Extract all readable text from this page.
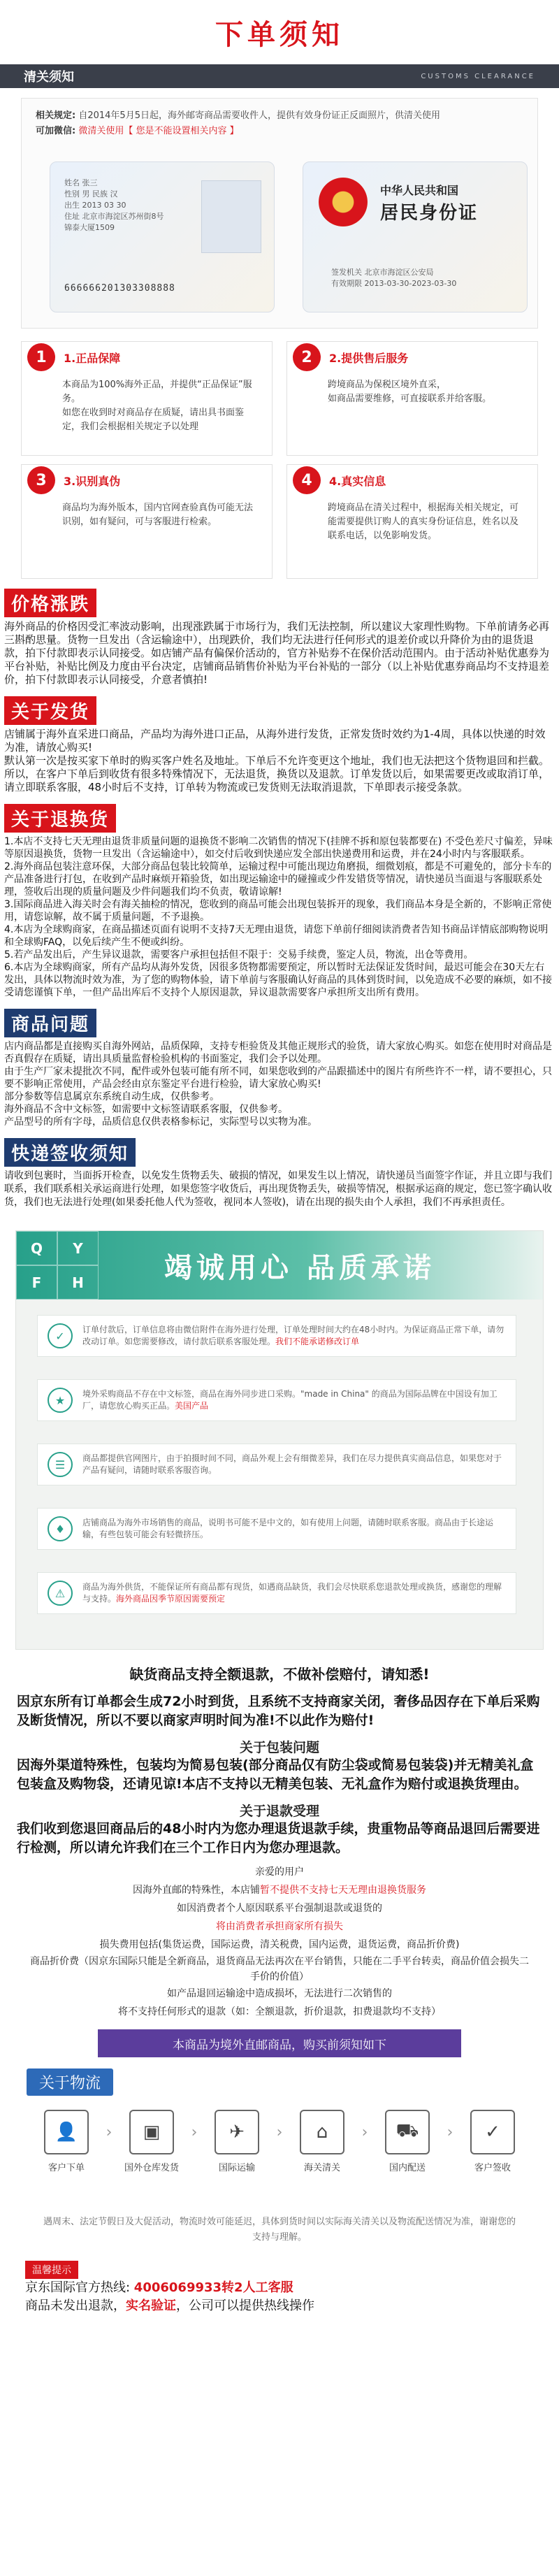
下单须知
清关须知	CUSTOMS CLEARANCE
相关规定: 自2014年5月5日起，海外邮寄商品需要收件人，提供有效身份证正反面照片，供清关使用
可加微信: 微清关使用【 您是不能设置相关内容 】
姓名 张三
性别 男 民族 汉
出生 2013 03 30
住址 北京市海淀区苏州街8号
锦泰大厦1509
666666201303308888
中华人民共和国
居民身份证
签发机关 北京市海淀区公安局
有效期限 2013-03-30-2023-03-30
1	1.正品保障
本商品为100%海外正品，并提供“正品保证”服务。
如您在收到时对商品存在质疑，请出具书面鉴定，我们会根据相关规定予以处理
2	2.提供售后服务
跨境商品为保税区境外直采，
如商品需要维修，可直接联系并给客服。
3	3.识别真伪
商品均为海外版本，国内官网查验真伪可能无法识别，如有疑问，可与客服进行检索。
4	4.真实信息
跨境商品在清关过程中，根据海关相关规定，可能需要提供订购人的真实身份证信息，姓名以及联系电话，以免影响发货。
价格涨跌
海外商品的价格因受汇率波动影响，出现涨跌属于市场行为，我们无法控制，所以建议大家理性购物。下单前请务必再三斟酌思量。货物一旦发出（含运输途中），出现跌价，我们均无法进行任何形式的退差价或以升降价为由的退货退款，拍下付款即表示认同接受。如店铺产品有偏保价活动的，官方补贴券不在保价活动范围内。由于活动补贴优惠券为平台补贴，补贴比例及力度由平台决定，店铺商品销售价补贴为平台补贴的一部分（以上补贴优惠券商品均不支持退差价，拍下付款即表示认同接受，介意者慎拍!
关于发货
店铺属于海外直采进口商品，产品均为海外进口正品，从海外进行发货，正常发货时效约为1-4周，具体以快递的时效为准，请放心购买!
默认第一次是按买家下单时的购买客户姓名及地址。下单后不允许变更这个地址，我们也无法把这个货物退回和拦截。所以，在客户下单后到收货有很多特殊情况下，无法退货，换货以及退款。订单发货以后，如果需要更改或取消订单，请立即联系客服，48小时后不支持，订单转为物流或已发货则无法取消退款，下单即表示接受条款。
关于退换货
1.本店不支持七天无理由退货非质量问题的退换货不影响二次销售的情况下(挂牌不拆和原包装都要在) 不受色差尺寸偏差，异味等原因退换货，货物一旦发出（含运输途中），如交付后收到快递应发全部出快递费用和运费，并在24小时内与客服联系。
2.海外商品包装注意环保，大部分商品包装比较简单，运输过程中可能出现边角磨损，细微划痕，都是不可避免的，部分卡车的产品准备进行打包，在收到产品时麻烦开箱验货，如出现运输途中的碰撞或少件发错货等情况，请快递员当面退与客服联系处理，签收后出现的质量问题及少件问题我们均不负责，敬请谅解!
3.国际商品进入海关时会有海关抽检的情况，您收到的商品可能会出现包装拆开的现象，我们商品本身是全新的，不影响正常使用，请您谅解，故不属于质量问题，不予退换。
4.本店为全球购商家，在商品描述页面有说明不支持7天无理由退货，请您下单前仔细阅读消费者告知书商品详情底部购物说明和全球购FAQ，以免后续产生不便或纠纷。
5.若产品发出后，产生异议退款，需要客户承担包括但不限于：交易手续费，鉴定人员，物流，出仓等费用。
6.本店为全球购商家，所有产品均从海外发货，因很多货物都需要预定，所以暂时无法保证发货时间，最迟可能会在30天左右发出，具体以物流时效为准，为了您的购物体验，请下单前与客服确认好商品的具体到货时间，以免造成不必要的麻烦，如不接受请您谨慎下单，一但产品出库后不支持个人原因退款，异议退款需要客户承担所支出所有费用。
商品问题
店内商品都是直接购买自海外网站，品质保障，支持专柜验货及其他正规形式的验货，请大家放心购买。如您在使用时对商品是否真假存在质疑，请出具质量监督检验机构的书面鉴定，我们会予以处理。
由于生产厂家未提批次不同，配件或外包装可能有所不同，如果您收到的产品跟描述中的图片有所些许不一样，请不要担心，只要不影响正常使用，产品会经由京东鉴定平台进行检验，请大家放心购买!
部分参数等信息属京东系统自动生成，仅供参考。
海外商品不含中文标签，如需要中文标签请联系客服，仅供参考。
产品型号的所有字母，品质信息仅供表格参标记，实际型号以实物为准。
SALEMONTH
快递签收须知
请收到包裹时，当面拆开检查，以免发生货物丢失、破损的情况，如果发生以上情况，请快递员当面签字作证，并且立即与我们联系，我们联系相关承运商进行处理，如果您签字收货后，再出现货物丢失，破损等情况，根据承运商的规定，您已签字确认收货，我们也无法进行处理(如果委托他人代为签收，视同本人签收)，请在出现的损失由个人承担，我们不再承担责任。
Q	Y
F	H	竭诚用心 品质承诺
✓	订单付款后，订单信息将由微信附件在海外进行处理，订单处理时间大约在48小时内。为保证商品正常下单，请勿改动订单。如您需要修改，请付款后联系客服处理。我们不能承诺修改订单
★	境外采购商品不存在中文标签，商品在海外同步进口采购。"made in China" 的商品为国际品牌在中国设有加工厂，请您放心购买正品。美国产品
☰	商品都提供官网图片，由于拍摄时间不同，商品外观上会有细微差异，我们在尽力提供真实商品信息，如果您对于产品有疑问，请随时联系客服咨询。
♦	店铺商品为海外市场销售的商品，说明书可能不是中文的，如有使用上问题，请随时联系客服。商品由于长途运输，有些包装可能会有轻微挤压。
⚠	商品为海外供货，不能保证所有商品都有现货，如遇商品缺货，我们会尽快联系您退款处理或换货，感谢您的理解与支持。海外商品因季节原因需要预定
缺货商品支持全额退款，不做补偿赔付，请知悉!
因京东所有订单都会生成72小时到货，且系统不支持商家关闭，奢侈品因存在下单后采购及断货情况，所以不要以商家声明时间为准!不以此作为赔付!
关于包装问题
因海外渠道特殊性，包装均为简易包装(部分商品仅有防尘袋或简易包装袋)并无精美礼盒包装盒及购物袋，还请见谅!本店不支持以无精美包装、无礼盒作为赔付或退换货理由。
关于退款受理
我们收到您退回商品后的48小时内为您办理退货退款手续，贵重物品等商品退回后需要进行检测，所以请允许我们在三个工作日内为您办理退款。
亲爱的用户
因海外直邮的特殊性，本店铺暂不提供不支持七天无理由退换货服务
如因消费者个人原因联系平台强制退款或退货的
将由消费者承担商家所有损失
损失费用包括(集货运费，国际运费，清关税费，国内运费，退货运费，商品折价费)
商品折价费（因京东国际只能是全新商品，退货商品无法再次在平台销售，只能在二手平台转卖，商品价值会损失二手价的价值）
如产品退回运输途中造成损坏，无法进行二次销售的
将不支持任何形式的退款（如：全额退款，折价退款，扣费退款均不支持）
本商品为境外直邮商品，购买前须知如下
关于物流
👤
客户下单
›	▣
国外仓库发货
›	✈
国际运输
›	⌂
海关清关
›	⛟
国内配送
›	✓
客户签收
遇周末、法定节假日及大促活动，物流时效可能延迟，具体到货时间以实际海关清关以及物流配送情况为准，谢谢您的支持与理解。
温馨提示
京东国际官方热线: 4006069933转2人工客服
商品未发出退款，实名验证，公司可以提供热线操作
